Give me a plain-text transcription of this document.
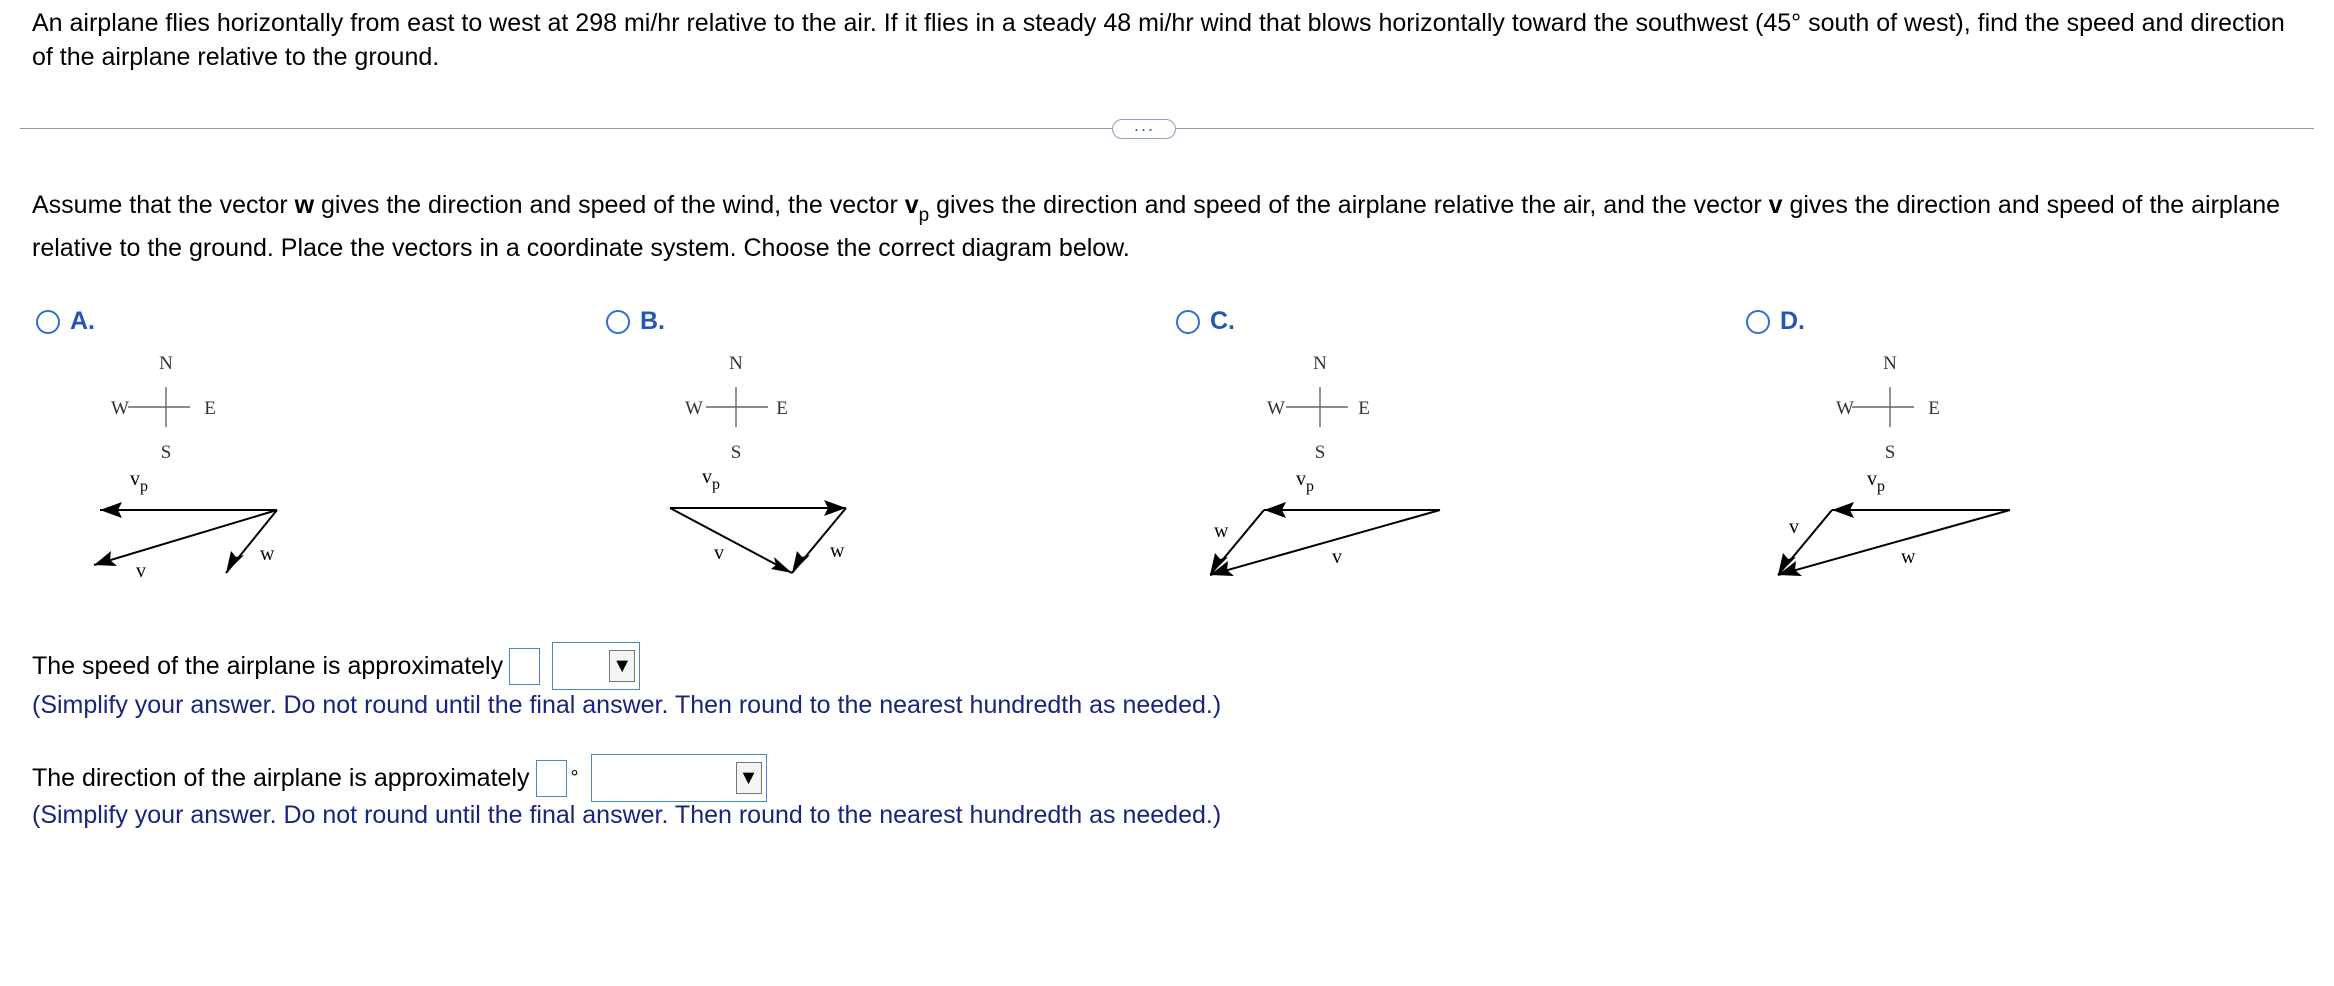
An airplane flies horizontally from east to west at 298 mi/hr relative to the air. If it flies in a steady 48 mi/hr wind that blows horizontally toward the southwest (45° south of west), find the speed and direction of the airplane relative to the ground.
···
Assume that the vector w gives the direction and speed of the wind, the vector $v_p$ gives the direction and speed of the airplane relative the air, and the vector v gives the direction and speed of the airplane relative to the ground. Place the vectors in a coordinate system. Choose the correct diagram below.
A.	B.	C.	D.
N
S
W	E
$v_p$
w
v
N
S
W	E
$v_p$
w
v
N
S
W	E
$v_p$
w
v
N
S
W	E
$v_p$
w
v
The speed of the airplane is approximately	▼
(Simplify your answer. Do not round until the final answer. Then round to the nearest hundredth as needed.)
The direction of the airplane is approximately °	▼
(Simplify your answer. Do not round until the final answer. Then round to the nearest hundredth as needed.)
